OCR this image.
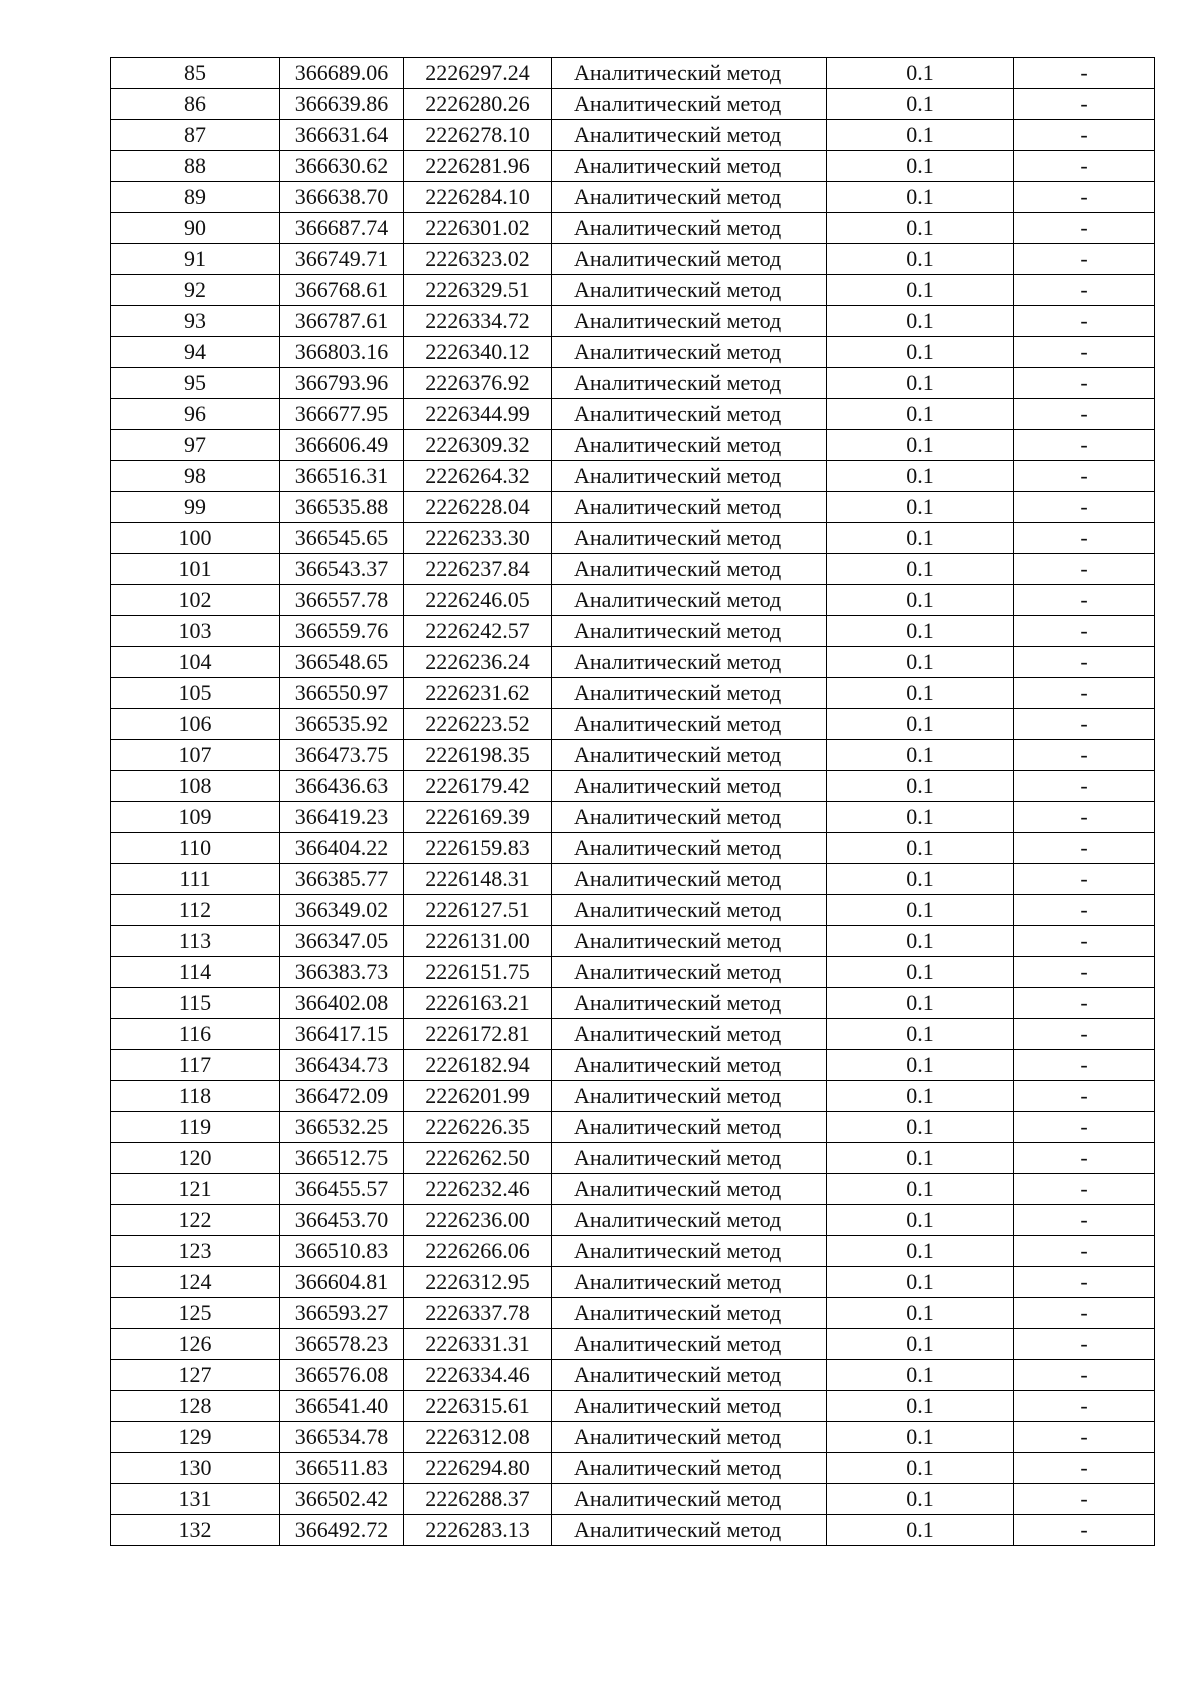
85	366689.06	2226297.24	Аналитический метод	0.1	-
86	366639.86	2226280.26	Аналитический метод	0.1	-
87	366631.64	2226278.10	Аналитический метод	0.1	-
88	366630.62	2226281.96	Аналитический метод	0.1	-
89	366638.70	2226284.10	Аналитический метод	0.1	-
90	366687.74	2226301.02	Аналитический метод	0.1	-
91	366749.71	2226323.02	Аналитический метод	0.1	-
92	366768.61	2226329.51	Аналитический метод	0.1	-
93	366787.61	2226334.72	Аналитический метод	0.1	-
94	366803.16	2226340.12	Аналитический метод	0.1	-
95	366793.96	2226376.92	Аналитический метод	0.1	-
96	366677.95	2226344.99	Аналитический метод	0.1	-
97	366606.49	2226309.32	Аналитический метод	0.1	-
98	366516.31	2226264.32	Аналитический метод	0.1	-
99	366535.88	2226228.04	Аналитический метод	0.1	-
100	366545.65	2226233.30	Аналитический метод	0.1	-
101	366543.37	2226237.84	Аналитический метод	0.1	-
102	366557.78	2226246.05	Аналитический метод	0.1	-
103	366559.76	2226242.57	Аналитический метод	0.1	-
104	366548.65	2226236.24	Аналитический метод	0.1	-
105	366550.97	2226231.62	Аналитический метод	0.1	-
106	366535.92	2226223.52	Аналитический метод	0.1	-
107	366473.75	2226198.35	Аналитический метод	0.1	-
108	366436.63	2226179.42	Аналитический метод	0.1	-
109	366419.23	2226169.39	Аналитический метод	0.1	-
110	366404.22	2226159.83	Аналитический метод	0.1	-
111	366385.77	2226148.31	Аналитический метод	0.1	-
112	366349.02	2226127.51	Аналитический метод	0.1	-
113	366347.05	2226131.00	Аналитический метод	0.1	-
114	366383.73	2226151.75	Аналитический метод	0.1	-
115	366402.08	2226163.21	Аналитический метод	0.1	-
116	366417.15	2226172.81	Аналитический метод	0.1	-
117	366434.73	2226182.94	Аналитический метод	0.1	-
118	366472.09	2226201.99	Аналитический метод	0.1	-
119	366532.25	2226226.35	Аналитический метод	0.1	-
120	366512.75	2226262.50	Аналитический метод	0.1	-
121	366455.57	2226232.46	Аналитический метод	0.1	-
122	366453.70	2226236.00	Аналитический метод	0.1	-
123	366510.83	2226266.06	Аналитический метод	0.1	-
124	366604.81	2226312.95	Аналитический метод	0.1	-
125	366593.27	2226337.78	Аналитический метод	0.1	-
126	366578.23	2226331.31	Аналитический метод	0.1	-
127	366576.08	2226334.46	Аналитический метод	0.1	-
128	366541.40	2226315.61	Аналитический метод	0.1	-
129	366534.78	2226312.08	Аналитический метод	0.1	-
130	366511.83	2226294.80	Аналитический метод	0.1	-
131	366502.42	2226288.37	Аналитический метод	0.1	-
132	366492.72	2226283.13	Аналитический метод	0.1	-
